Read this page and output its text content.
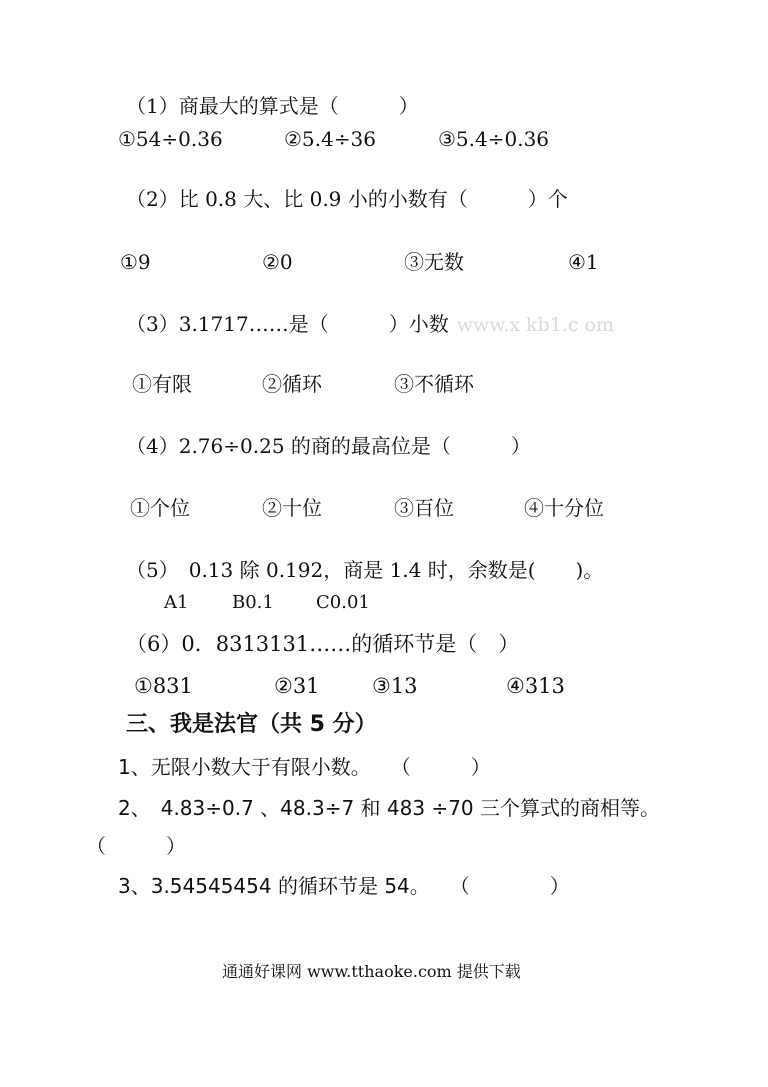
（1）商最大的算式是（　　　）
①54÷0.36	②5.4÷36	③5.4÷0.36
（2）比 0.8 大、比 0.9 小的小数有（　　　）个
①9	②0	③无数	④1
（3）3.1717……是（　　　）小数 www.x kb1.c om
①有限	②循环	③不循环
（4）2.76÷0.25 的商的最高位是（　　　）
①个位	②十位	③百位	④十分位
（5）　0.13 除 0.192，商是 1.4 时，余数是(　　)。
A1 B0.1 C0.01
（6）0．8313131……的循环节是（　）
①831	②31 ③13	④313
三、我是法官（共 5 分）
1、无限小数大于有限小数。　　（　　　）
2、　4.83÷0.7 、48.3÷7 和 483 ÷70 三个算式的商相等。
（　　　）
3、3.54545454 的循环节是 54。　　（　　　　）
通通好课网 www.tthaoke.com 提供下载
